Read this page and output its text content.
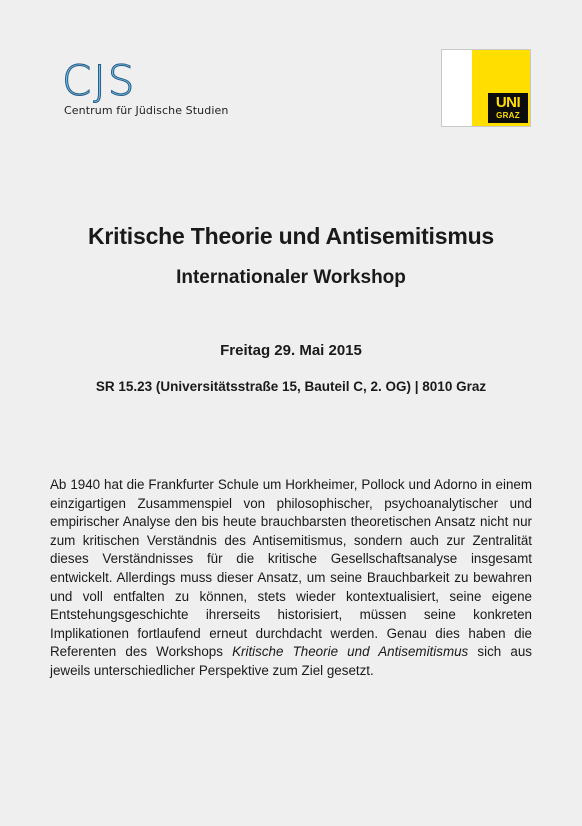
CJS
Centrum für Jüdische Studien	UNI
GRAZ
Kritische Theorie und Antisemitismus
Internationaler Workshop
Freitag 29. Mai 2015
SR 15.23 (Universitätsstraße 15, Bauteil C, 2. OG) | 8010 Graz

Ab 1940 hat die Frankfurter Schule um Horkheimer, Pollock und Adorno in einem einzigartigen Zusammenspiel von philosophischer, psychoanalytischer und empirischer Analyse den bis heute brauchbarsten theoretischen Ansatz nicht nur zum kritischen Verständnis des Antisemitismus, sondern auch zur Zentralität dieses Verständnisses für die kritische Gesellschaftsanalyse insgesamt entwickelt. Allerdings muss dieser Ansatz, um seine Brauchbarkeit zu bewahren und voll entfalten zu können, stets wieder kontextualisiert, seine eigene Entstehungsgeschichte ihrerseits historisiert, müssen seine konkreten Implikationen fortlaufend erneut durchdacht werden. Genau dies haben die Referenten des Workshops Kritische Theorie und Antisemitismus sich aus jeweils unterschiedlicher Perspektive zum Ziel gesetzt.
